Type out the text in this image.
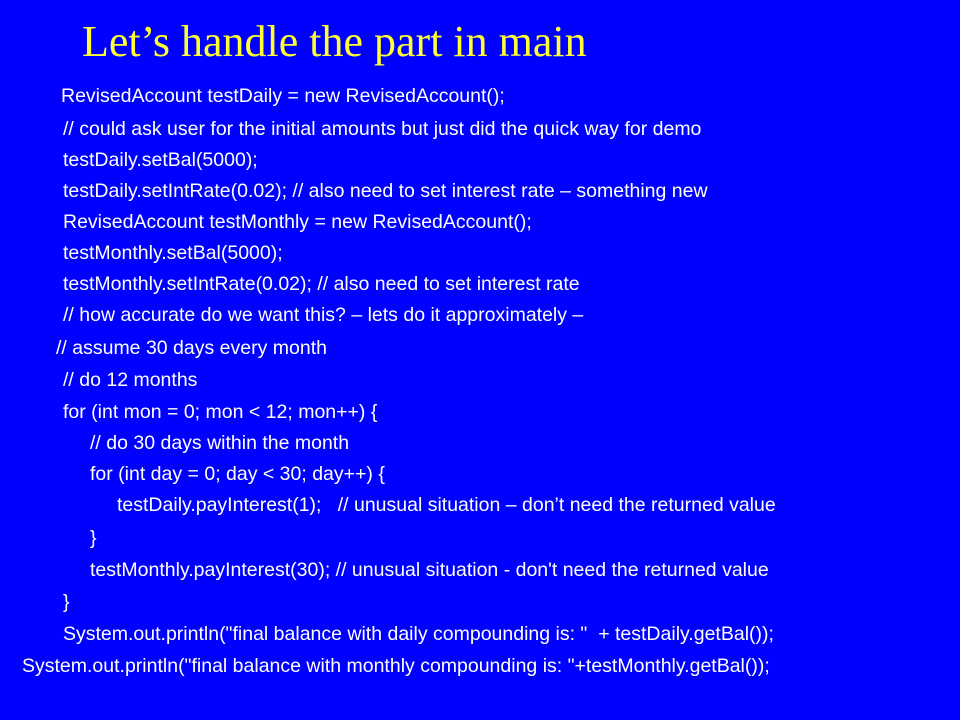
Let’s handle the part in main
RevisedAccount testDaily = new RevisedAccount();
// could ask user for the initial amounts but just did the quick way for demo
testDaily.setBal(5000);
testDaily.setIntRate(0.02); // also need to set interest rate – something new
RevisedAccount testMonthly = new RevisedAccount();
testMonthly.setBal(5000);
testMonthly.setIntRate(0.02); // also need to set interest rate
// how accurate do we want this? – lets do it approximately –
// assume 30 days every month
// do 12 months
for (int mon = 0; mon < 12; mon++) {
// do 30 days within the month
for (int day = 0; day < 30; day++) {
testDaily.payInterest(1);   // unusual situation – don’t need the returned value
}
testMonthly.payInterest(30); // unusual situation - don't need the returned value
}
System.out.println("final balance with daily compounding is: "  + testDaily.getBal());
System.out.println("final balance with monthly compounding is: "+testMonthly.getBal());
